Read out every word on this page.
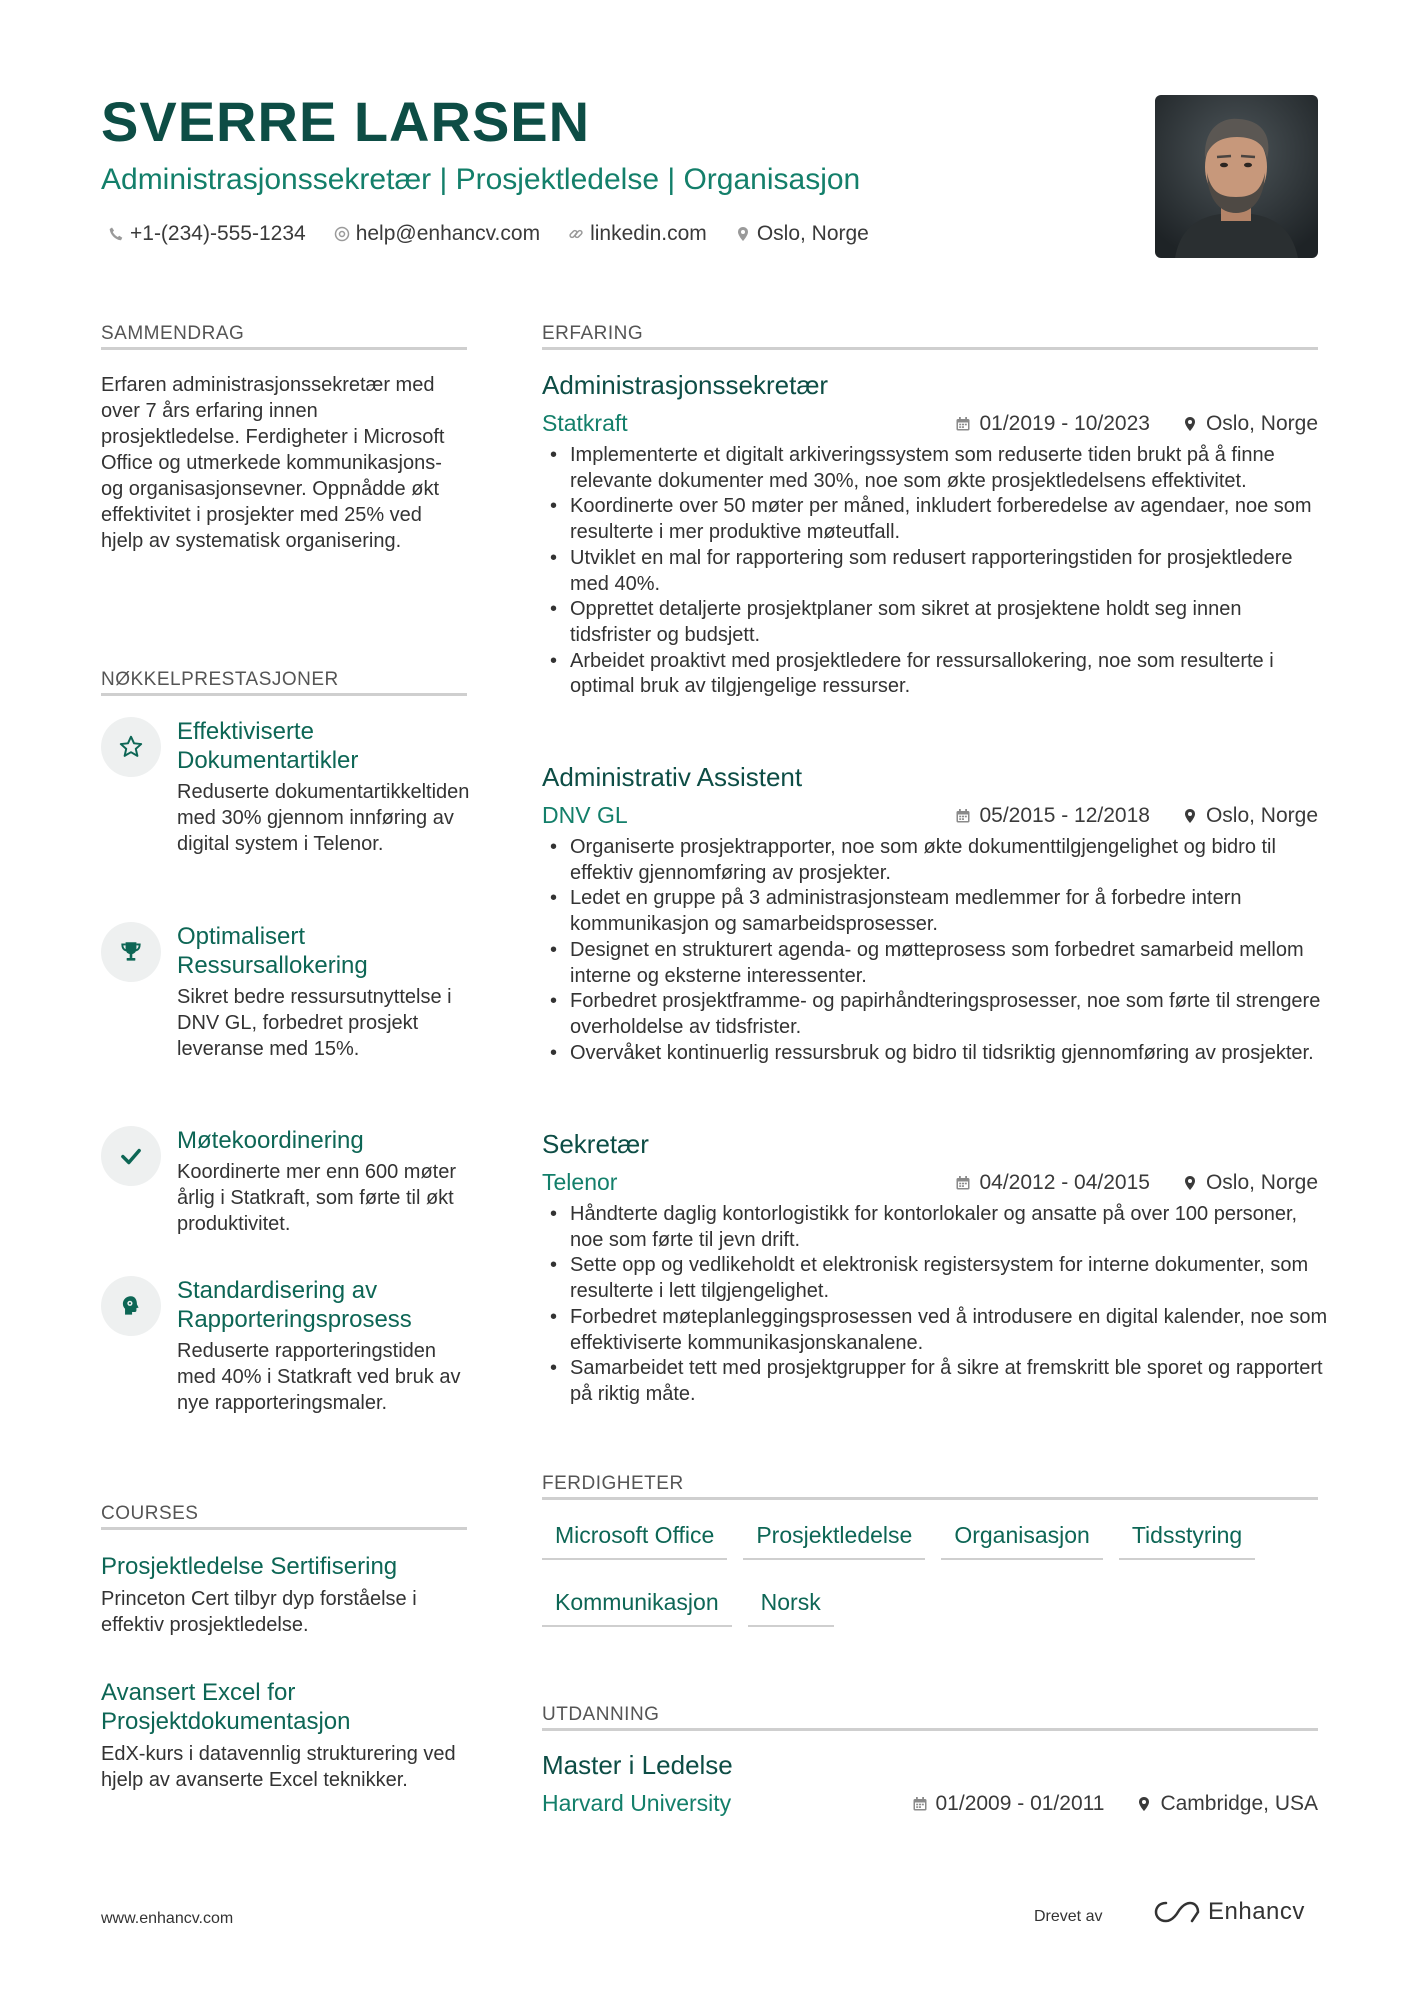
SVERRE LARSEN
Administrasjonssekretær | Prosjektledelse | Organisasjon
+1-(234)-555-1234 help@enhancv.com linkedin.com Oslo, Norge
SAMMENDRAG
Erfaren administrasjonssekretær med over 7 års erfaring innen prosjektledelse. Ferdigheter i Microsoft Office og utmerkede kommunikasjons- og organisasjonsevner. Oppnådde økt effektivitet i prosjekter med 25% ved hjelp av systematisk organisering.
NØKKELPRESTASJONER
Effektiviserte Dokumentartikler
Reduserte dokumentartikkeltiden med 30% gjennom innføring av digital system i Telenor.
Optimalisert Ressursallokering
Sikret bedre ressursutnyttelse i DNV GL, forbedret prosjekt leveranse med 15%.
Møtekoordinering
Koordinerte mer enn 600 møter årlig i Statkraft, som førte til økt produktivitet.
Standardisering av Rapporteringsprosess
Reduserte rapporteringstiden med 40% i Statkraft ved bruk av nye rapporteringsmaler.
COURSES
Prosjektledelse Sertifisering
Princeton Cert tilbyr dyp forståelse i effektiv prosjektledelse.
Avansert Excel for Prosjektdokumentasjon
EdX-kurs i datavennlig strukturering ved hjelp av avanserte Excel teknikker.
ERFARING
Administrasjonssekretær
Statkraft	01/2019 - 10/2023	Oslo, Norge
• Implementerte et digitalt arkiveringssystem som reduserte tiden brukt på å finne relevante dokumenter med 30%, noe som økte prosjektledelsens effektivitet.
• Koordinerte over 50 møter per måned, inkludert forberedelse av agendaer, noe som resulterte i mer produktive møteutfall.
• Utviklet en mal for rapportering som redusert rapporteringstiden for prosjektledere med 40%.
• Opprettet detaljerte prosjektplaner som sikret at prosjektene holdt seg innen tidsfrister og budsjett.
• Arbeidet proaktivt med prosjektledere for ressursallokering, noe som resulterte i optimal bruk av tilgjengelige ressurser.
Administrativ Assistent
DNV GL	05/2015 - 12/2018	Oslo, Norge
• Organiserte prosjektrapporter, noe som økte dokumenttilgjengelighet og bidro til effektiv gjennomføring av prosjekter.
• Ledet en gruppe på 3 administrasjonsteam medlemmer for å forbedre intern kommunikasjon og samarbeidsprosesser.
• Designet en strukturert agenda- og møtteprosess som forbedret samarbeid mellom interne og eksterne interessenter.
• Forbedret prosjektframme- og papirhåndteringsprosesser, noe som førte til strengere overholdelse av tidsfrister.
• Overvåket kontinuerlig ressursbruk og bidro til tidsriktig gjennomføring av prosjekter.
Sekretær
Telenor	04/2012 - 04/2015	Oslo, Norge
• Håndterte daglig kontorlogistikk for kontorlokaler og ansatte på over 100 personer, noe som førte til jevn drift.
• Sette opp og vedlikeholdt et elektronisk registersystem for interne dokumenter, som resulterte i lett tilgjengelighet.
• Forbedret møteplanleggingsprosessen ved å introdusere en digital kalender, noe som effektiviserte kommunikasjonskanalene.
• Samarbeidet tett med prosjektgrupper for å sikre at fremskritt ble sporet og rapportert på riktig måte.
FERDIGHETER
Microsoft Office	Prosjektledelse	Organisasjon	Tidsstyring
Kommunikasjon	Norsk
UTDANNING
Master i Ledelse
Harvard University	01/2009 - 01/2011	Cambridge, USA
www.enhancv.com	Drevet av	Enhancv
